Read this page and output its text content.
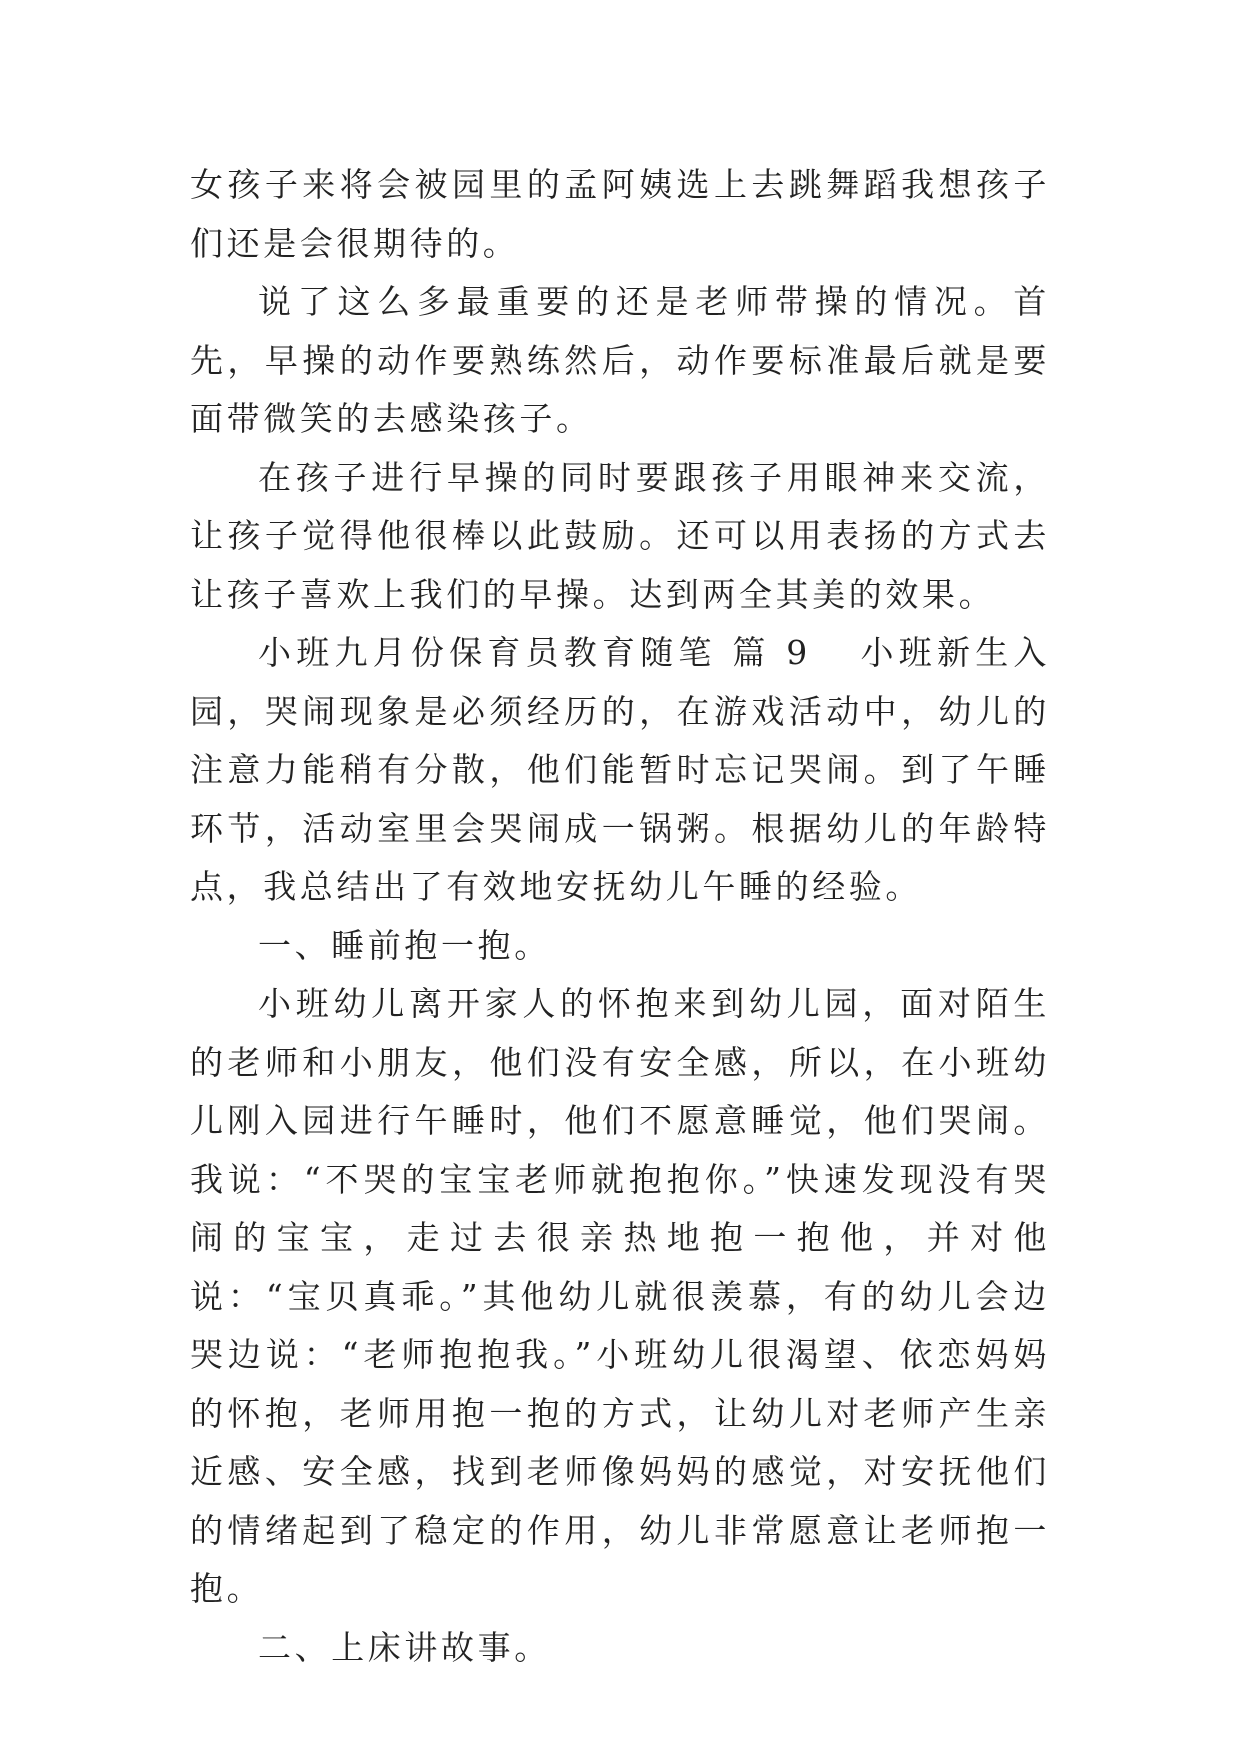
女孩子来将会被园里的孟阿姨选上去跳舞蹈我想孩子们还是会很期待的。

说了这么多最重要的还是老师带操的情况。首先，早操的动作要熟练然后，动作要标准最后就是要面带微笑的去感染孩子。

在孩子进行早操的同时要跟孩子用眼神来交流，让孩子觉得他很棒以此鼓励。还可以用表扬的方式去让孩子喜欢上我们的早操。达到两全其美的效果。

小班九月份保育员教育随笔 篇 9 小班新生入园，哭闹现象是必须经历的，在游戏活动中，幼儿的注意力能稍有分散，他们能暂时忘记哭闹。到了午睡环节，活动室里会哭闹成一锅粥。根据幼儿的年龄特点，我总结出了有效地安抚幼儿午睡的经验。

一、睡前抱一抱。

小班幼儿离开家人的怀抱来到幼儿园，面对陌生的老师和小朋友，他们没有安全感，所以，在小班幼儿刚入园进行午睡时，他们不愿意睡觉，他们哭闹。我说：“不哭的宝宝老师就抱抱你。”快速发现没有哭闹的宝宝，走过去很亲热地抱一抱他，并对他说：“宝贝真乖。”其他幼儿就很羡慕，有的幼儿会边哭边说：“老师抱抱我。”小班幼儿很渴望、依恋妈妈的怀抱，老师用抱一抱的方式，让幼儿对老师产生亲近感、安全感，找到老师像妈妈的感觉，对安抚他们的情绪起到了稳定的作用，幼儿非常愿意让老师抱一抱。

二、上床讲故事。
